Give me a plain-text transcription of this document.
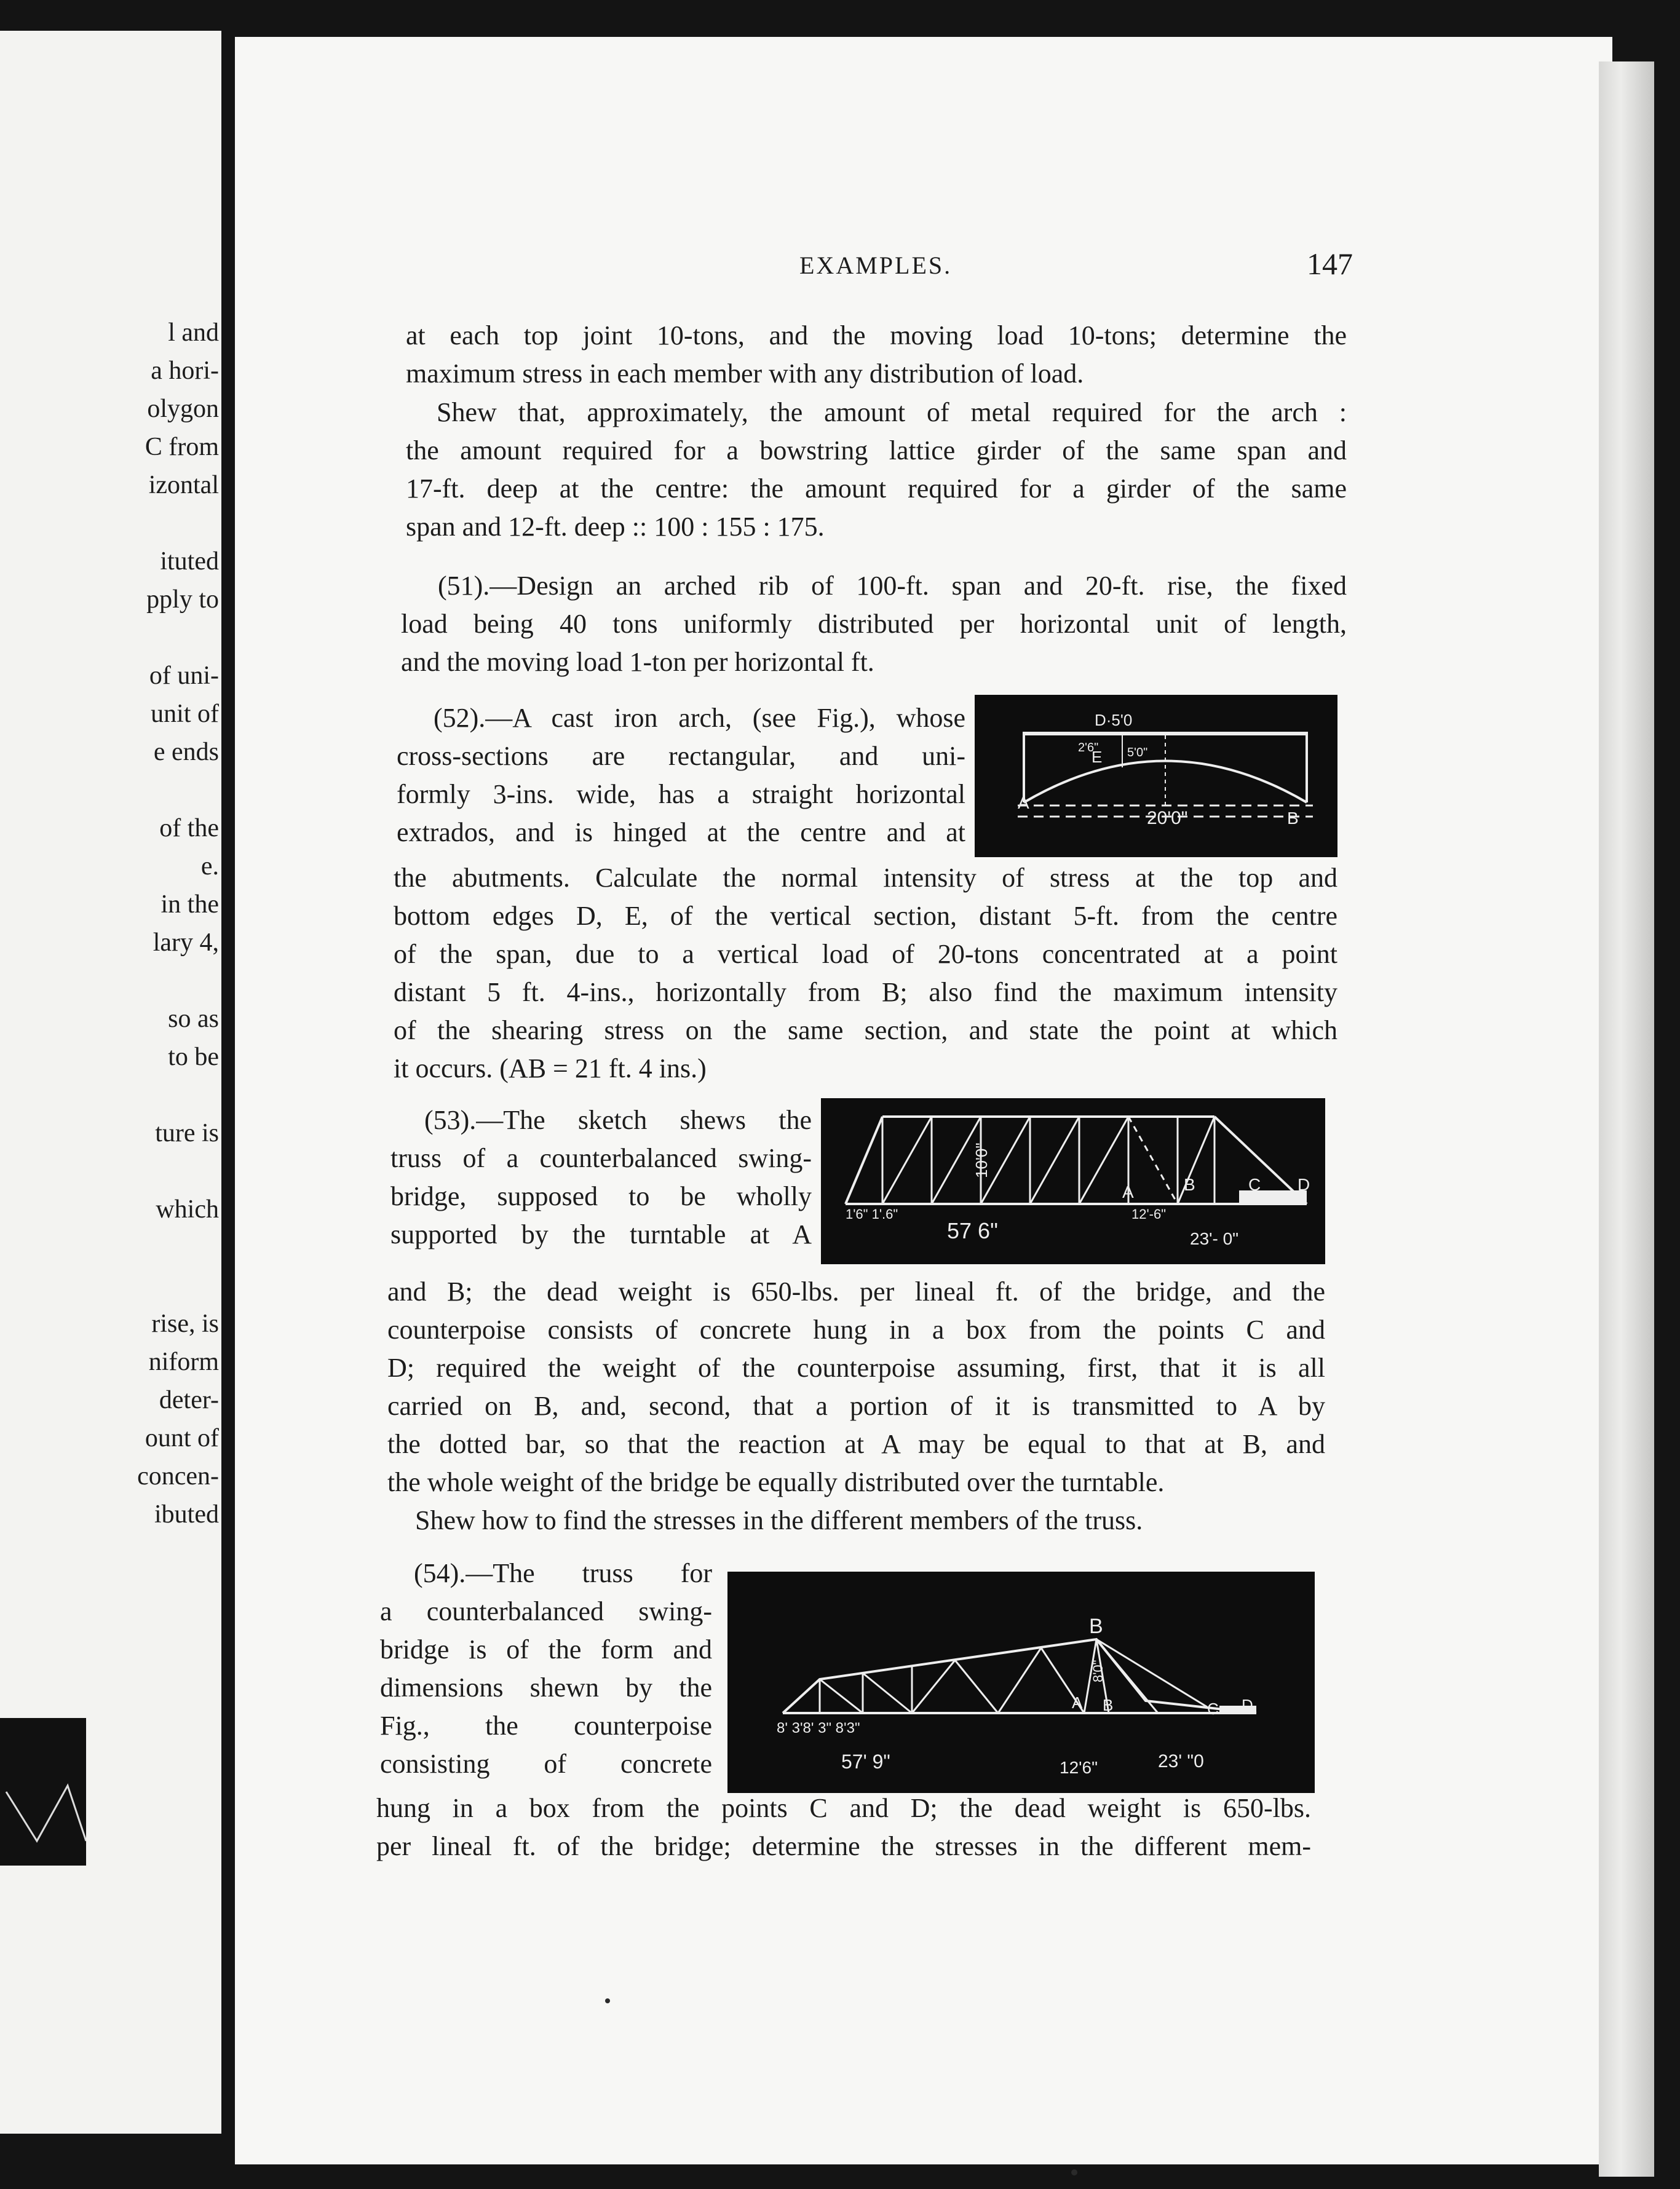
l and
a hori-
olygon
C from
izontal
ituted
pply to
of uni-
unit of
e ends
of the
e.
in the
lary 4,
so as
to be
ture is
which
rise, is
niform
deter-
ount of
concen-
ibuted
EXAMPLES.	147
at each top joint 10-tons, and the moving load 10-tons; determine the
maximum stress in each member with any distribution of load.
Shew that, approximately, the amount of metal required for the arch :
the amount required for a bowstring lattice girder of the same span and
17-ft. deep at the centre: the amount required for a girder of the same
span and 12-ft. deep :: 100 : 155 : 175.
(51).—Design an arched rib of 100-ft. span and 20-ft. rise, the fixed
load being 40 tons uniformly distributed per horizontal unit of length,
and the moving load 1-ton per horizontal ft.
(52).—A cast iron arch, (see Fig.), whose
cross-sections are rectangular, and uni-
formly 3-ins. wide, has a straight horizontal
extrados, and is hinged at the centre and at
the abutments. Calculate the normal intensity of stress at the top and
bottom edges D, E, of the vertical section, distant 5-ft. from the centre
of the span, due to a vertical load of 20-tons concentrated at a point
distant 5 ft. 4-ins., horizontally from B; also find the maximum intensity
of the shearing stress on the same section, and state the point at which
it occurs. (AB = 21 ft. 4 ins.)
(53).—The sketch shews the
truss of a counterbalanced swing-
bridge, supposed to be wholly
supported by the turntable at A
and B; the dead weight is 650-lbs. per lineal ft. of the bridge, and the
counterpoise consists of concrete hung in a box from the points C and
D; required the weight of the counterpoise assuming, first, that it is all
carried on B, and, second, that a portion of it is transmitted to A by
the dotted bar, so that the reaction at A may be equal to that at B, and
the whole weight of the bridge be equally distributed over the turntable.
Shew how to find the stresses in the different members of the truss.
(54).—The truss for
a counterbalanced swing-
bridge is of the form and
dimensions shewn by the
Fig., the counterpoise
consisting of concrete
hung in a box from the points C and D; the dead weight is 650-lbs.
per lineal ft. of the bridge; determine the stresses in the different mem-
D·5'0
E
2'6" 5'0"
A
B
20'0"
10'0"
A	B	C D
1'6" 1'.6"
57 6"
12'-6"
23'- 0"
B
8'0"
A B	C D
8' 3'8' 3" 8'3"
57' 9"	12'6"	23' "0
